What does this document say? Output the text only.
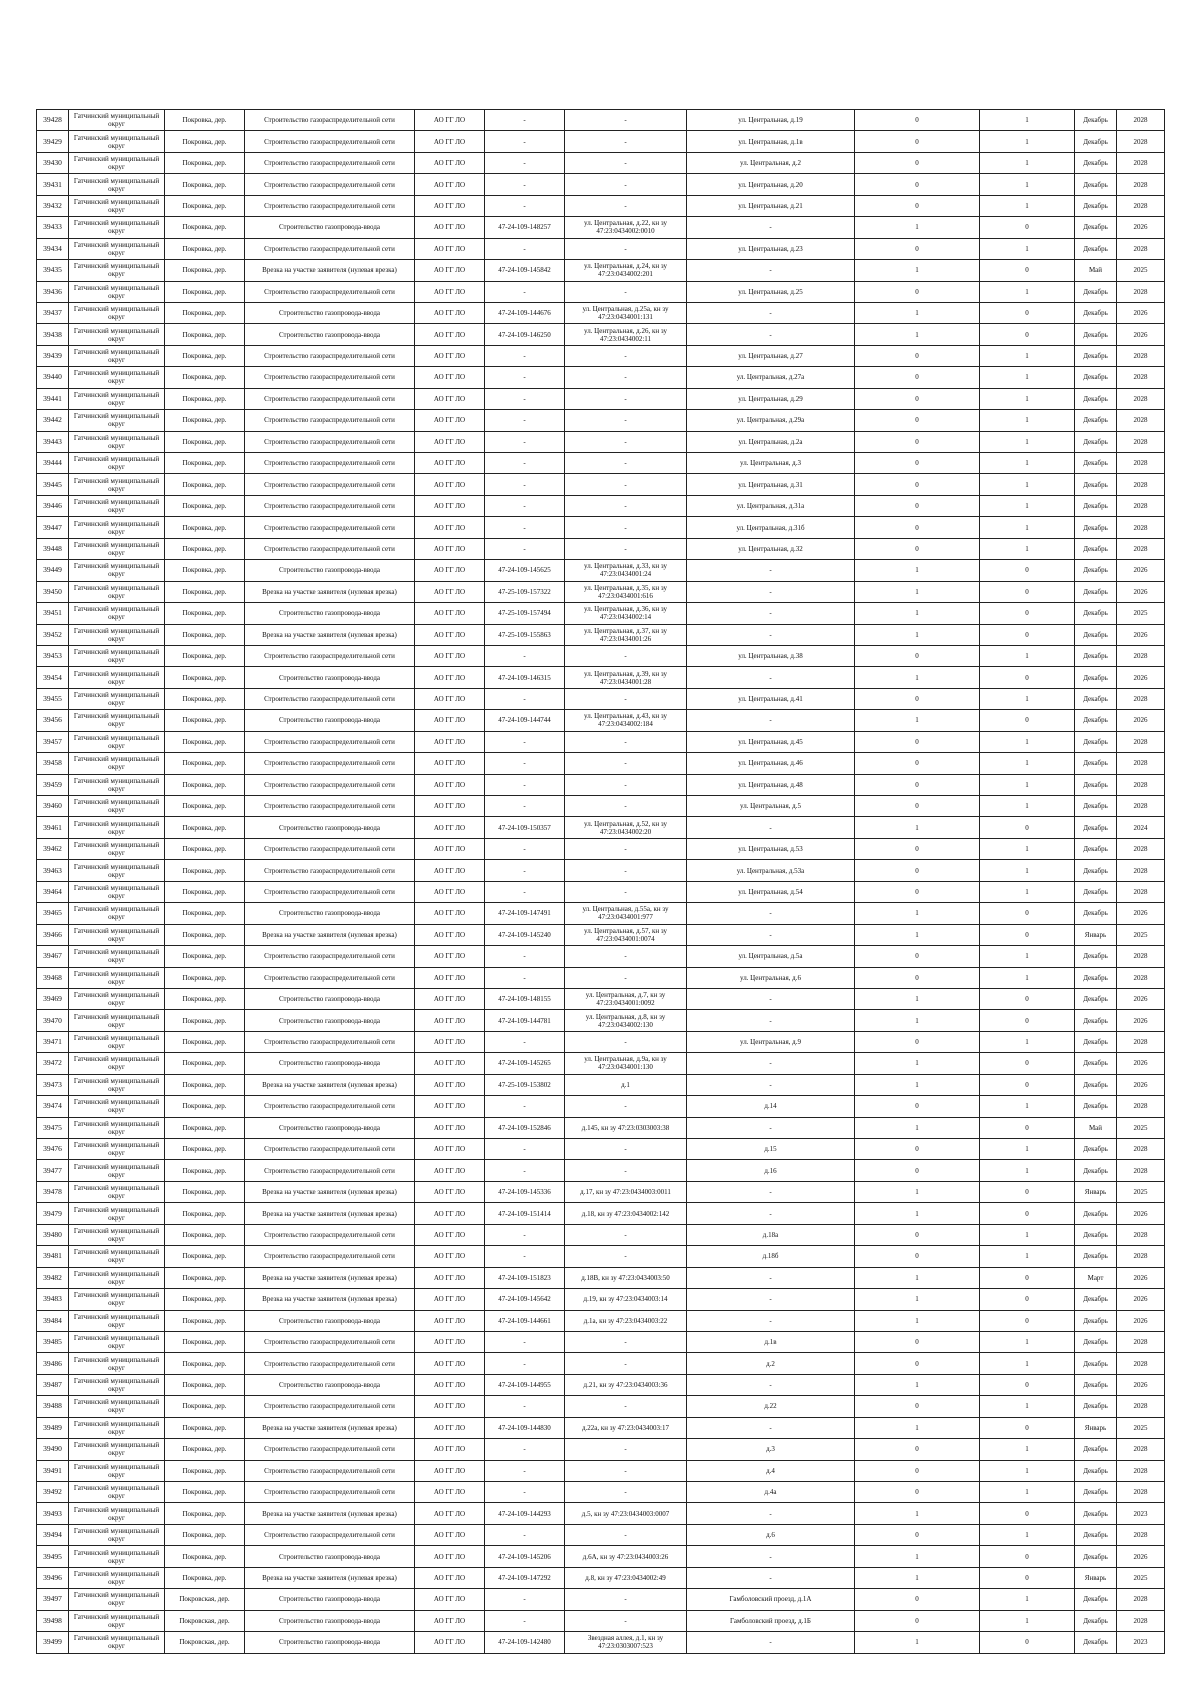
39428	Гатчинский муниципальный округ	Покровка, дер.	Строительство газораспределительной сети	АО ГГ ЛО	-	-	ул. Центральная, д.19	0	1	Декабрь	2028
39429	Гатчинский муниципальный округ	Покровка, дер.	Строительство газораспределительной сети	АО ГГ ЛО	-	-	ул. Центральная, д.1в	0	1	Декабрь	2028
39430	Гатчинский муниципальный округ	Покровка, дер.	Строительство газораспределительной сети	АО ГГ ЛО	-	-	ул. Центральная, д.2	0	1	Декабрь	2028
39431	Гатчинский муниципальный округ	Покровка, дер.	Строительство газораспределительной сети	АО ГГ ЛО	-	-	ул. Центральная, д.20	0	1	Декабрь	2028
39432	Гатчинский муниципальный округ	Покровка, дер.	Строительство газораспределительной сети	АО ГГ ЛО	-	-	ул. Центральная, д.21	0	1	Декабрь	2028
39433	Гатчинский муниципальный округ	Покровка, дер.	Строительство газопровода-ввода	АО ГГ ЛО	47-24-109-148257	ул. Центральная, д.22, кн зу 47:23:0434002:0010	-	1	0	Декабрь	2026
39434	Гатчинский муниципальный округ	Покровка, дер.	Строительство газораспределительной сети	АО ГГ ЛО	-	-	ул. Центральная, д.23	0	1	Декабрь	2028
39435	Гатчинский муниципальный округ	Покровка, дер.	Врезка на участке заявителя (нулевая врезка)	АО ГГ ЛО	47-24-109-145842	ул. Центральная, д.24, кн зу 47:23:0434002:201	-	1	0	Май	2025
39436	Гатчинский муниципальный округ	Покровка, дер.	Строительство газораспределительной сети	АО ГГ ЛО	-	-	ул. Центральная, д.25	0	1	Декабрь	2028
39437	Гатчинский муниципальный округ	Покровка, дер.	Строительство газопровода-ввода	АО ГГ ЛО	47-24-109-144676	ул. Центральная, д.25а, кн зу 47:23:0434001:131	-	1	0	Декабрь	2026
39438	Гатчинский муниципальный округ	Покровка, дер.	Строительство газопровода-ввода	АО ГГ ЛО	47-24-109-146250	ул. Центральная, д.26, кн зу 47:23:0434002:11	-	1	0	Декабрь	2026
39439	Гатчинский муниципальный округ	Покровка, дер.	Строительство газораспределительной сети	АО ГГ ЛО	-	-	ул. Центральная, д.27	0	1	Декабрь	2028
39440	Гатчинский муниципальный округ	Покровка, дер.	Строительство газораспределительной сети	АО ГГ ЛО	-	-	ул. Центральная, д.27а	0	1	Декабрь	2028
39441	Гатчинский муниципальный округ	Покровка, дер.	Строительство газораспределительной сети	АО ГГ ЛО	-	-	ул. Центральная, д.29	0	1	Декабрь	2028
39442	Гатчинский муниципальный округ	Покровка, дер.	Строительство газораспределительной сети	АО ГГ ЛО	-	-	ул. Центральная, д.29а	0	1	Декабрь	2028
39443	Гатчинский муниципальный округ	Покровка, дер.	Строительство газораспределительной сети	АО ГГ ЛО	-	-	ул. Центральная, д.2а	0	1	Декабрь	2028
39444	Гатчинский муниципальный округ	Покровка, дер.	Строительство газораспределительной сети	АО ГГ ЛО	-	-	ул. Центральная, д.3	0	1	Декабрь	2028
39445	Гатчинский муниципальный округ	Покровка, дер.	Строительство газораспределительной сети	АО ГГ ЛО	-	-	ул. Центральная, д.31	0	1	Декабрь	2028
39446	Гатчинский муниципальный округ	Покровка, дер.	Строительство газораспределительной сети	АО ГГ ЛО	-	-	ул. Центральная, д.31а	0	1	Декабрь	2028
39447	Гатчинский муниципальный округ	Покровка, дер.	Строительство газораспределительной сети	АО ГГ ЛО	-	-	ул. Центральная, д.31б	0	1	Декабрь	2028
39448	Гатчинский муниципальный округ	Покровка, дер.	Строительство газораспределительной сети	АО ГГ ЛО	-	-	ул. Центральная, д.32	0	1	Декабрь	2028
39449	Гатчинский муниципальный округ	Покровка, дер.	Строительство газопровода-ввода	АО ГГ ЛО	47-24-109-145625	ул. Центральная, д.33, кн зу 47:23:0434001:24	-	1	0	Декабрь	2026
39450	Гатчинский муниципальный округ	Покровка, дер.	Врезка на участке заявителя (нулевая врезка)	АО ГГ ЛО	47-25-109-157322	ул. Центральная, д.35, кн зу 47:23:0434001:616	-	1	0	Декабрь	2026
39451	Гатчинский муниципальный округ	Покровка, дер.	Строительство газопровода-ввода	АО ГГ ЛО	47-25-109-157494	ул. Центральная, д.36, кн зу 47:23:0434002:14	-	1	0	Декабрь	2025
39452	Гатчинский муниципальный округ	Покровка, дер.	Врезка на участке заявителя (нулевая врезка)	АО ГГ ЛО	47-25-109-155863	ул. Центральная, д.37, кн зу 47:23:0434001:26	-	1	0	Декабрь	2026
39453	Гатчинский муниципальный округ	Покровка, дер.	Строительство газораспределительной сети	АО ГГ ЛО	-	-	ул. Центральная, д.38	0	1	Декабрь	2028
39454	Гатчинский муниципальный округ	Покровка, дер.	Строительство газопровода-ввода	АО ГГ ЛО	47-24-109-146315	ул. Центральная, д.39, кн зу 47:23:0434001:28	-	1	0	Декабрь	2026
39455	Гатчинский муниципальный округ	Покровка, дер.	Строительство газораспределительной сети	АО ГГ ЛО	-	-	ул. Центральная, д.41	0	1	Декабрь	2028
39456	Гатчинский муниципальный округ	Покровка, дер.	Строительство газопровода-ввода	АО ГГ ЛО	47-24-109-144744	ул. Центральная, д.43, кн зу 47:23:0434002:184	-	1	0	Декабрь	2026
39457	Гатчинский муниципальный округ	Покровка, дер.	Строительство газораспределительной сети	АО ГГ ЛО	-	-	ул. Центральная, д.45	0	1	Декабрь	2028
39458	Гатчинский муниципальный округ	Покровка, дер.	Строительство газораспределительной сети	АО ГГ ЛО	-	-	ул. Центральная, д.46	0	1	Декабрь	2028
39459	Гатчинский муниципальный округ	Покровка, дер.	Строительство газораспределительной сети	АО ГГ ЛО	-	-	ул. Центральная, д.48	0	1	Декабрь	2028
39460	Гатчинский муниципальный округ	Покровка, дер.	Строительство газораспределительной сети	АО ГГ ЛО	-	-	ул. Центральная, д.5	0	1	Декабрь	2028
39461	Гатчинский муниципальный округ	Покровка, дер.	Строительство газопровода-ввода	АО ГГ ЛО	47-24-109-150357	ул. Центральная, д.52, кн зу 47:23:0434002:20	-	1	0	Декабрь	2024
39462	Гатчинский муниципальный округ	Покровка, дер.	Строительство газораспределительной сети	АО ГГ ЛО	-	-	ул. Центральная, д.53	0	1	Декабрь	2028
39463	Гатчинский муниципальный округ	Покровка, дер.	Строительство газораспределительной сети	АО ГГ ЛО	-	-	ул. Центральная, д.53а	0	1	Декабрь	2028
39464	Гатчинский муниципальный округ	Покровка, дер.	Строительство газораспределительной сети	АО ГГ ЛО	-	-	ул. Центральная, д.54	0	1	Декабрь	2028
39465	Гатчинский муниципальный округ	Покровка, дер.	Строительство газопровода-ввода	АО ГГ ЛО	47-24-109-147491	ул. Центральная, д.55а, кн зу 47:23:0434001:977	-	1	0	Декабрь	2026
39466	Гатчинский муниципальный округ	Покровка, дер.	Врезка на участке заявителя (нулевая врезка)	АО ГГ ЛО	47-24-109-145240	ул. Центральная, д.57, кн зу 47:23:0434001:0074	-	1	0	Январь	2025
39467	Гатчинский муниципальный округ	Покровка, дер.	Строительство газораспределительной сети	АО ГГ ЛО	-	-	ул. Центральная, д.5а	0	1	Декабрь	2028
39468	Гатчинский муниципальный округ	Покровка, дер.	Строительство газораспределительной сети	АО ГГ ЛО	-	-	ул. Центральная, д.6	0	1	Декабрь	2028
39469	Гатчинский муниципальный округ	Покровка, дер.	Строительство газопровода-ввода	АО ГГ ЛО	47-24-109-148155	ул. Центральная, д.7, кн зу 47:23:0434001:0092	-	1	0	Декабрь	2026
39470	Гатчинский муниципальный округ	Покровка, дер.	Строительство газопровода-ввода	АО ГГ ЛО	47-24-109-144781	ул. Центральная, д.8, кн зу 47:23:0434002:130	-	1	0	Декабрь	2026
39471	Гатчинский муниципальный округ	Покровка, дер.	Строительство газораспределительной сети	АО ГГ ЛО	-	-	ул. Центральная, д.9	0	1	Декабрь	2028
39472	Гатчинский муниципальный округ	Покровка, дер.	Строительство газопровода-ввода	АО ГГ ЛО	47-24-109-145265	ул. Центральная, д.9а, кн зу 47:23:0434001:130	-	1	0	Декабрь	2026
39473	Гатчинский муниципальный округ	Покровка, дер.	Врезка на участке заявителя (нулевая врезка)	АО ГГ ЛО	47-25-109-153802	д.1	-	1	0	Декабрь	2026
39474	Гатчинский муниципальный округ	Покровка, дер.	Строительство газораспределительной сети	АО ГГ ЛО	-	-	д.14	0	1	Декабрь	2028
39475	Гатчинский муниципальный округ	Покровка, дер.	Строительство газопровода-ввода	АО ГГ ЛО	47-24-109-152846	д.145, кн зу 47:23:0303003:38	-	1	0	Май	2025
39476	Гатчинский муниципальный округ	Покровка, дер.	Строительство газораспределительной сети	АО ГГ ЛО	-	-	д.15	0	1	Декабрь	2028
39477	Гатчинский муниципальный округ	Покровка, дер.	Строительство газораспределительной сети	АО ГГ ЛО	-	-	д.16	0	1	Декабрь	2028
39478	Гатчинский муниципальный округ	Покровка, дер.	Врезка на участке заявителя (нулевая врезка)	АО ГГ ЛО	47-24-109-145336	д.17, кн зу 47:23:0434003:0011	-	1	0	Январь	2025
39479	Гатчинский муниципальный округ	Покровка, дер.	Врезка на участке заявителя (нулевая врезка)	АО ГГ ЛО	47-24-109-151414	д.18, кн зу 47:23:0434002:142	-	1	0	Декабрь	2026
39480	Гатчинский муниципальный округ	Покровка, дер.	Строительство газораспределительной сети	АО ГГ ЛО	-	-	д.18а	0	1	Декабрь	2028
39481	Гатчинский муниципальный округ	Покровка, дер.	Строительство газораспределительной сети	АО ГГ ЛО	-	-	д.18б	0	1	Декабрь	2028
39482	Гатчинский муниципальный округ	Покровка, дер.	Врезка на участке заявителя (нулевая врезка)	АО ГГ ЛО	47-24-109-151823	д.18В, кн зу 47:23:0434003:50	-	1	0	Март	2026
39483	Гатчинский муниципальный округ	Покровка, дер.	Врезка на участке заявителя (нулевая врезка)	АО ГГ ЛО	47-24-109-145642	д.19, кн зу 47:23:0434003:14	-	1	0	Декабрь	2026
39484	Гатчинский муниципальный округ	Покровка, дер.	Строительство газопровода-ввода	АО ГГ ЛО	47-24-109-144661	д.1а, кн зу 47:23:0434003:22	-	1	0	Декабрь	2026
39485	Гатчинский муниципальный округ	Покровка, дер.	Строительство газораспределительной сети	АО ГГ ЛО	-	-	д.1в	0	1	Декабрь	2028
39486	Гатчинский муниципальный округ	Покровка, дер.	Строительство газораспределительной сети	АО ГГ ЛО	-	-	д.2	0	1	Декабрь	2028
39487	Гатчинский муниципальный округ	Покровка, дер.	Строительство газопровода-ввода	АО ГГ ЛО	47-24-109-144955	д.21, кн зу 47:23:0434003:36	-	1	0	Декабрь	2026
39488	Гатчинский муниципальный округ	Покровка, дер.	Строительство газораспределительной сети	АО ГГ ЛО	-	-	д.22	0	1	Декабрь	2028
39489	Гатчинский муниципальный округ	Покровка, дер.	Врезка на участке заявителя (нулевая врезка)	АО ГГ ЛО	47-24-109-144830	д.22а, кн зу 47:23:0434003:17	-	1	0	Январь	2025
39490	Гатчинский муниципальный округ	Покровка, дер.	Строительство газораспределительной сети	АО ГГ ЛО	-	-	д.3	0	1	Декабрь	2028
39491	Гатчинский муниципальный округ	Покровка, дер.	Строительство газораспределительной сети	АО ГГ ЛО	-	-	д.4	0	1	Декабрь	2028
39492	Гатчинский муниципальный округ	Покровка, дер.	Строительство газораспределительной сети	АО ГГ ЛО	-	-	д.4а	0	1	Декабрь	2028
39493	Гатчинский муниципальный округ	Покровка, дер.	Врезка на участке заявителя (нулевая врезка)	АО ГГ ЛО	47-24-109-144293	д.5, кн зу 47:23:0434003:0007	-	1	0	Декабрь	2023
39494	Гатчинский муниципальный округ	Покровка, дер.	Строительство газораспределительной сети	АО ГГ ЛО	-	-	д.6	0	1	Декабрь	2028
39495	Гатчинский муниципальный округ	Покровка, дер.	Строительство газопровода-ввода	АО ГГ ЛО	47-24-109-145206	д.6А, кн зу 47:23:0434003:26	-	1	0	Декабрь	2026
39496	Гатчинский муниципальный округ	Покровка, дер.	Врезка на участке заявителя (нулевая врезка)	АО ГГ ЛО	47-24-109-147292	д.8, кн зу 47:23:0434002:49	-	1	0	Январь	2025
39497	Гатчинский муниципальный округ	Покровская, дер.	Строительство газопровода-ввода	АО ГГ ЛО	-	-	Гамболовский проезд, д.1А	0	1	Декабрь	2028
39498	Гатчинский муниципальный округ	Покровская, дер.	Строительство газопровода-ввода	АО ГГ ЛО	-	-	Гамболовский проезд, д.1Б	0	1	Декабрь	2028
39499	Гатчинский муниципальный округ	Покровская, дер.	Строительство газопровода-ввода	АО ГГ ЛО	47-24-109-142480	Звездная аллея, д.1, кн зу 47:23:0303007:523	-	1	0	Декабрь	2023
